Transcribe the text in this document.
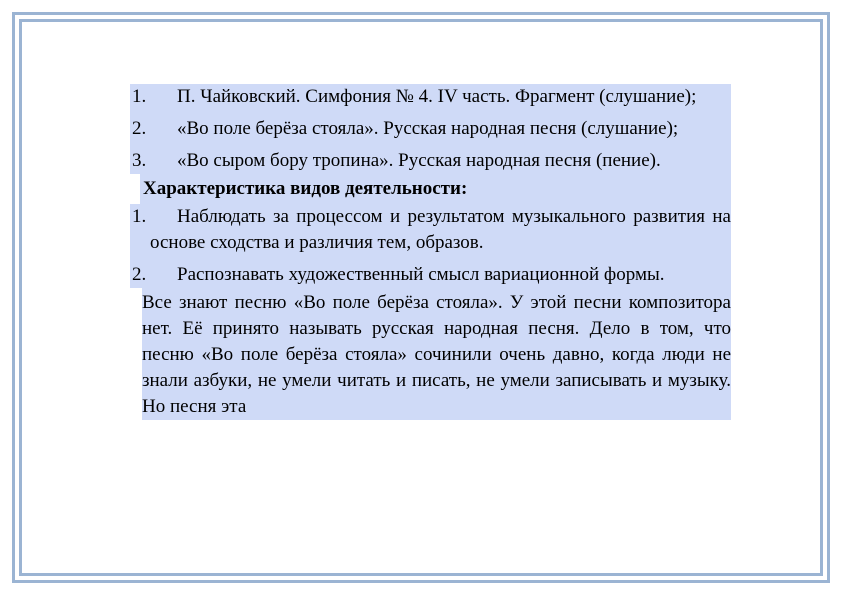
1.	П. Чайковский. Симфония № 4. IV часть. Фрагмент (слушание);
2.	«Во поле берёза стояла». Русская народная песня (слушание);
3.	«Во сыром бору тропина». Русская народная песня (пение).
Характеристика видов деятельности:
1.	Наблюдать за процессом и результатом музыкального развития на основе сходства и различия тем, образов.
2.	Распознавать художественный смысл вариационной формы.
Все знают песню «Во поле берёза стояла». У этой песни композитора нет. Её принято называть русская народная песня. Дело в том, что песню «Во поле берёза стояла» сочинили очень давно, когда люди не знали азбуки, не умели читать и писать, не умели записывать и музыку. Но песня эта
